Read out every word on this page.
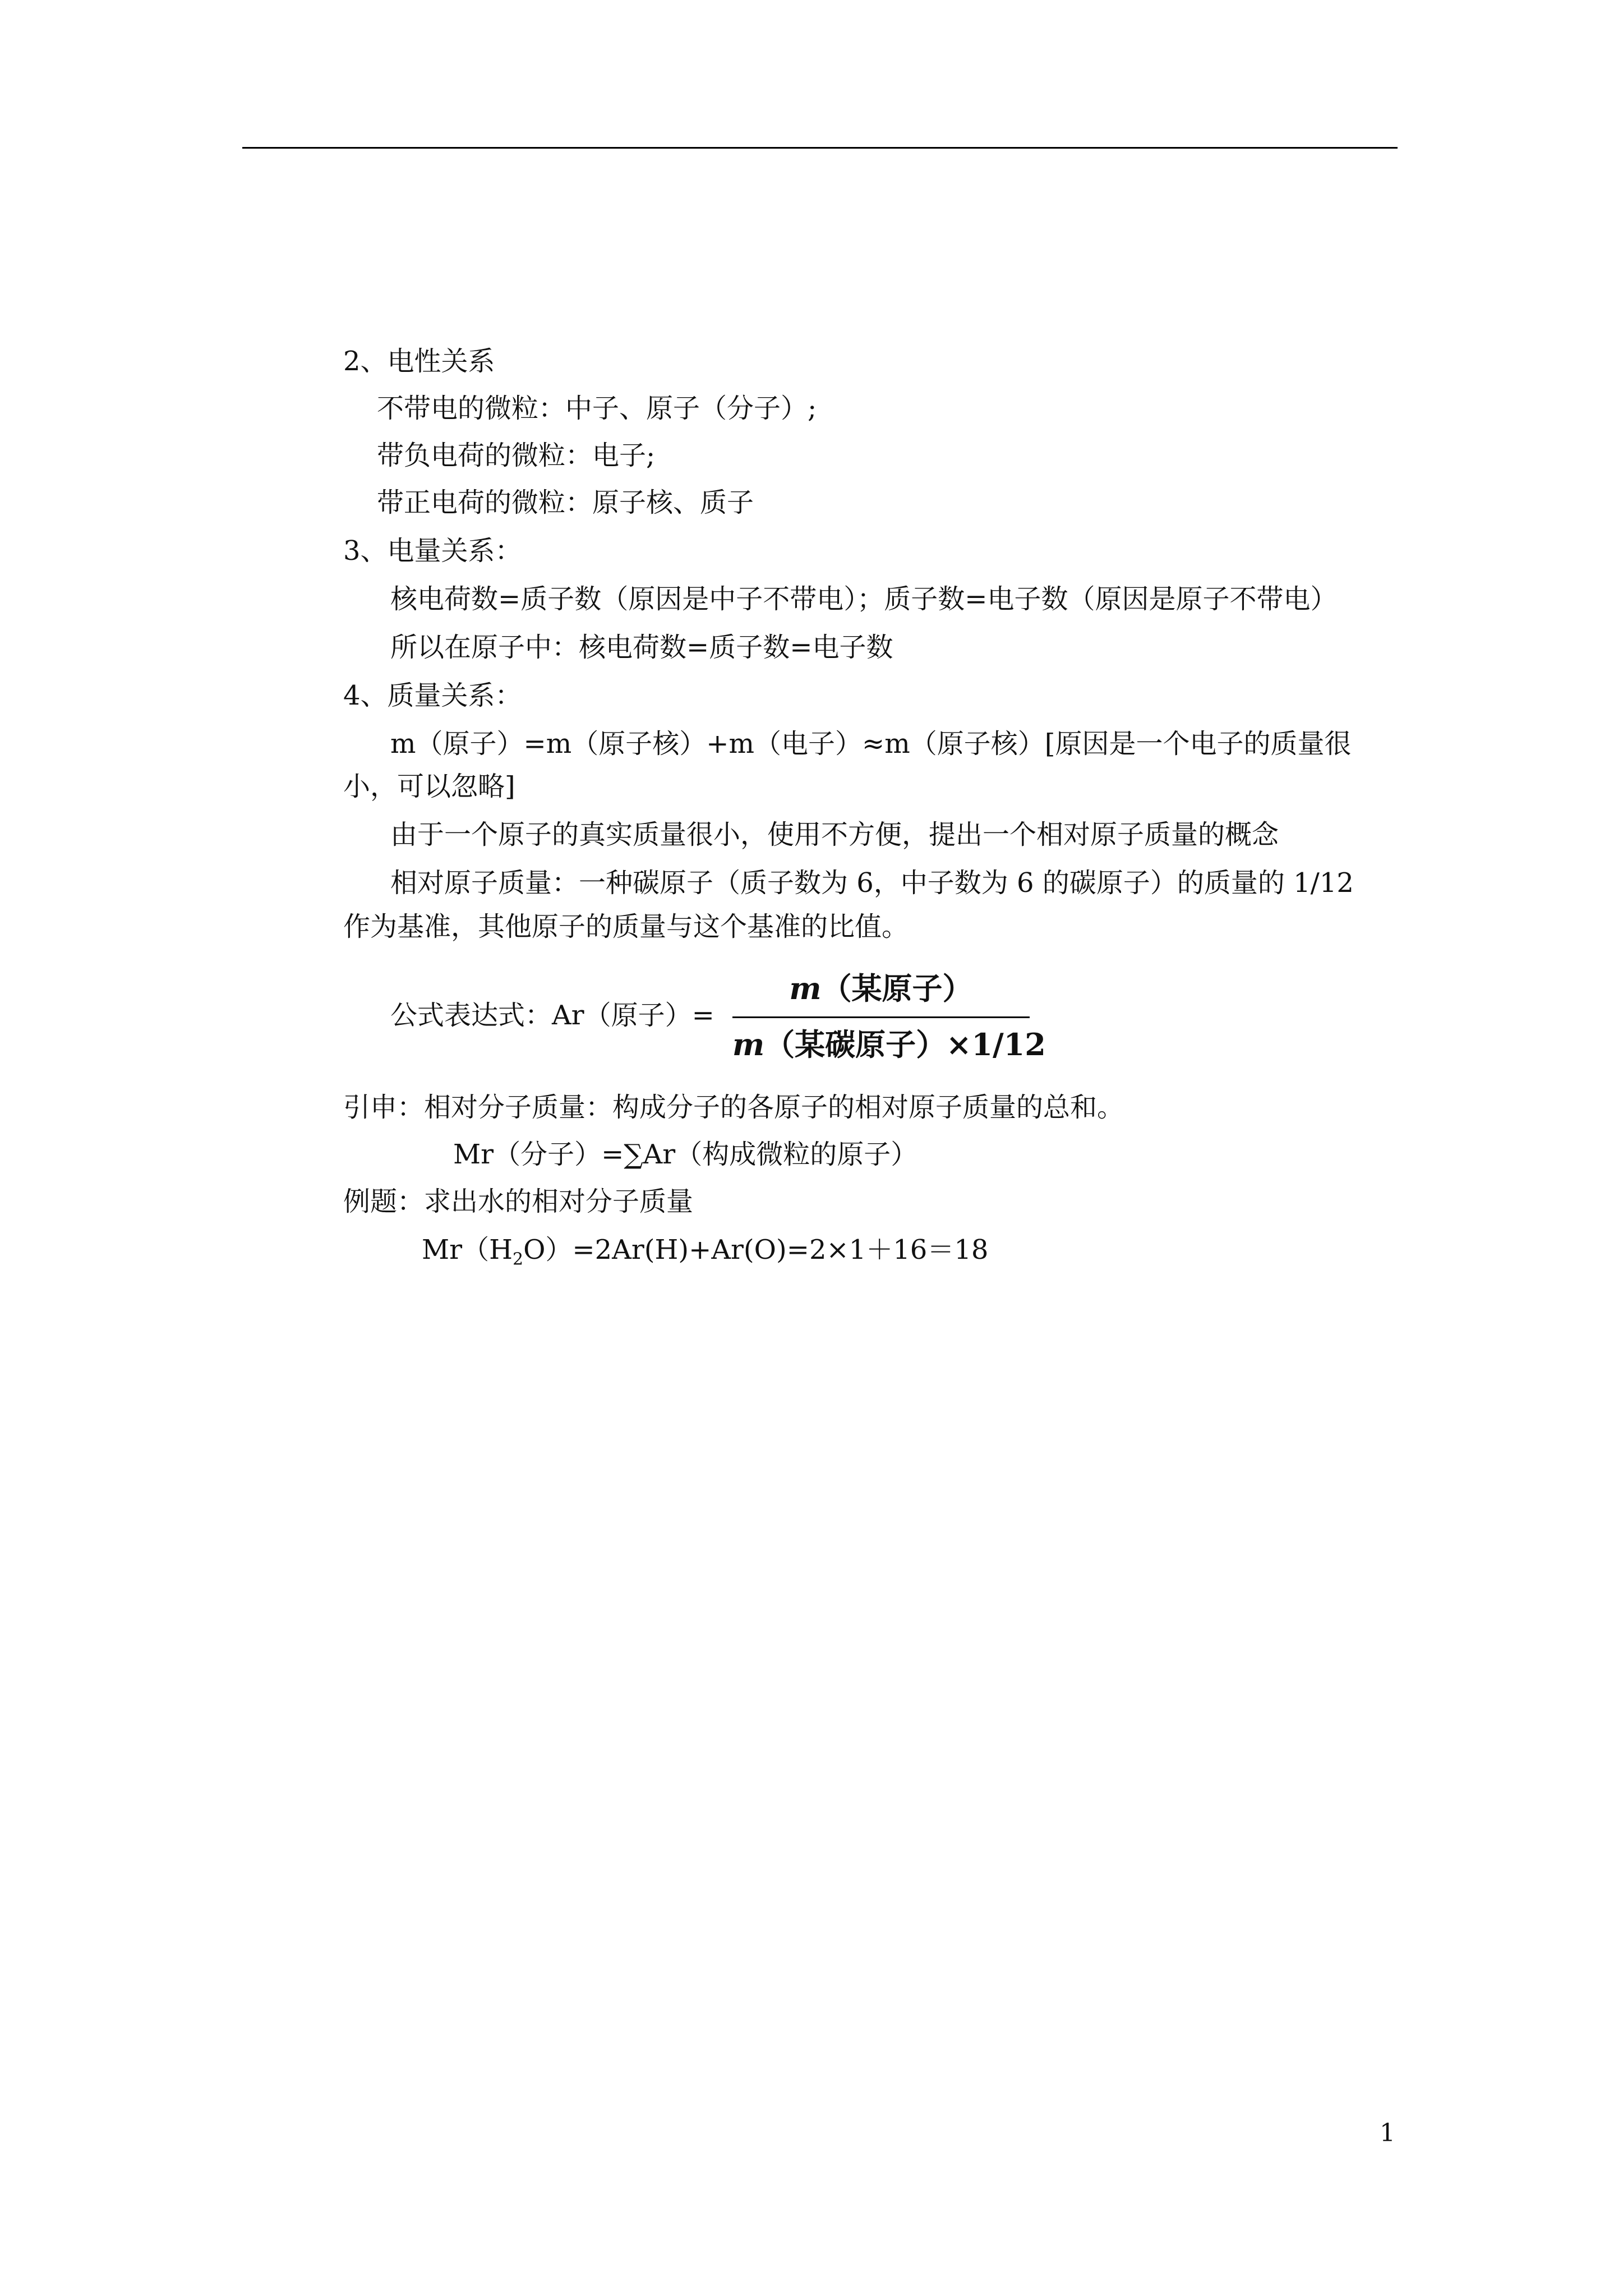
2、电性关系
不带电的微粒：中子、原子（分子）;
带负电荷的微粒：电子;
带正电荷的微粒：原子核、质子
3、电量关系：
核电荷数=质子数（原因是中子不带电）；质子数=电子数（原因是原子不带电）
所以在原子中：核电荷数=质子数=电子数
4、质量关系：
m（原子）=m（原子核）+m（电子）≈m（原子核）[原因是一个电子的质量很
小，可以忽略]
由于一个原子的真实质量很小，使用不方便，提出一个相对原子质量的概念
相对原子质量：一种碳原子（质子数为 6，中子数为 6 的碳原子）的质量的 1/12
作为基准，其他原子的质量与这个基准的比值。
公式表达式：Ar（原子）=
m（某原子）
m（某碳原子）×1/12
引申：相对分子质量：构成分子的各原子的相对原子质量的总和。
Mr（分子）=∑Ar（构成微粒的原子）
例题：求出水的相对分子质量
$Mr(H_2O)=2Ar(H)+Ar(O)=2\times 1+16=18$
1
